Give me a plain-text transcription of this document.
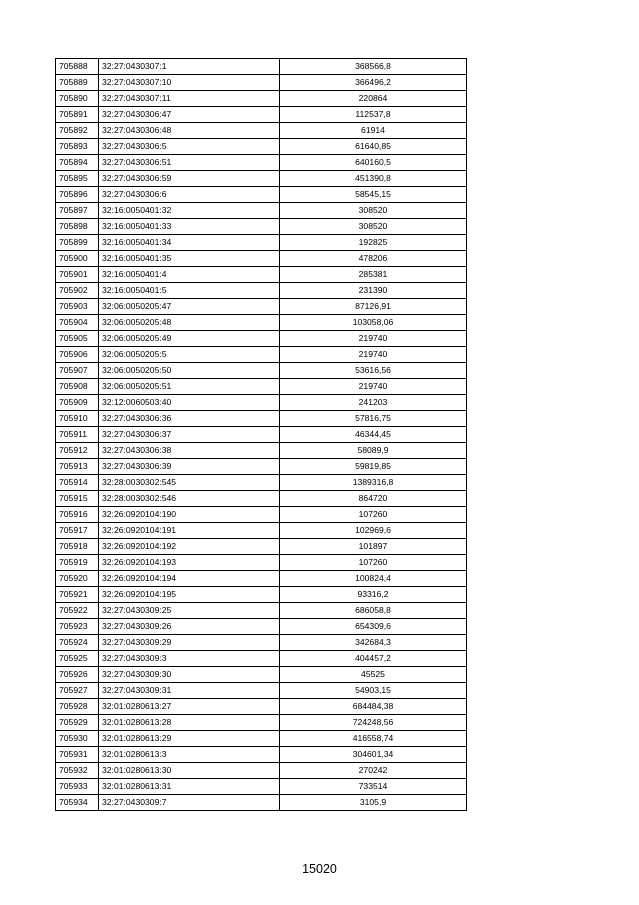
705888	32:27:0430307:1	368566,8
705889	32:27:0430307:10	366496,2
705890	32:27:0430307:11	220864
705891	32:27:0430306:47	112537,8
705892	32:27:0430306:48	61914
705893	32:27:0430306:5	61640,85
705894	32:27:0430306:51	640160,5
705895	32:27:0430306:59	451390,8
705896	32:27:0430306:6	58545,15
705897	32:16:0050401:32	308520
705898	32:16:0050401:33	308520
705899	32:16:0050401:34	192825
705900	32:16:0050401:35	478206
705901	32:16:0050401:4	285381
705902	32:16:0050401:5	231390
705903	32:06:0050205:47	87126,91
705904	32:06:0050205:48	103058,06
705905	32:06:0050205:49	219740
705906	32:06:0050205:5	219740
705907	32:06:0050205:50	53616,56
705908	32:06:0050205:51	219740
705909	32:12:0060503:40	241203
705910	32:27:0430306:36	57816,75
705911	32:27:0430306:37	46344,45
705912	32:27:0430306:38	58089,9
705913	32:27:0430306:39	59819,85
705914	32:28:0030302:545	1389316,8
705915	32:28:0030302:546	864720
705916	32:26:0920104:190	107260
705917	32:26:0920104:191	102969,6
705918	32:26:0920104:192	101897
705919	32:26:0920104:193	107260
705920	32:26:0920104:194	100824,4
705921	32:26:0920104:195	93316,2
705922	32:27:0430309:25	686058,8
705923	32:27:0430309:26	654309,6
705924	32:27:0430309:29	342684,3
705925	32:27:0430309:3	404457,2
705926	32:27:0430309:30	45525
705927	32:27:0430309:31	54903,15
705928	32:01:0280613:27	684484,38
705929	32:01:0280613:28	724248,56
705930	32:01:0280613:29	416558,74
705931	32:01:0280613:3	304601,34
705932	32:01:0280613:30	270242
705933	32:01:0280613:31	733514
705934	32:27:0430309:7	3105,9
15020
